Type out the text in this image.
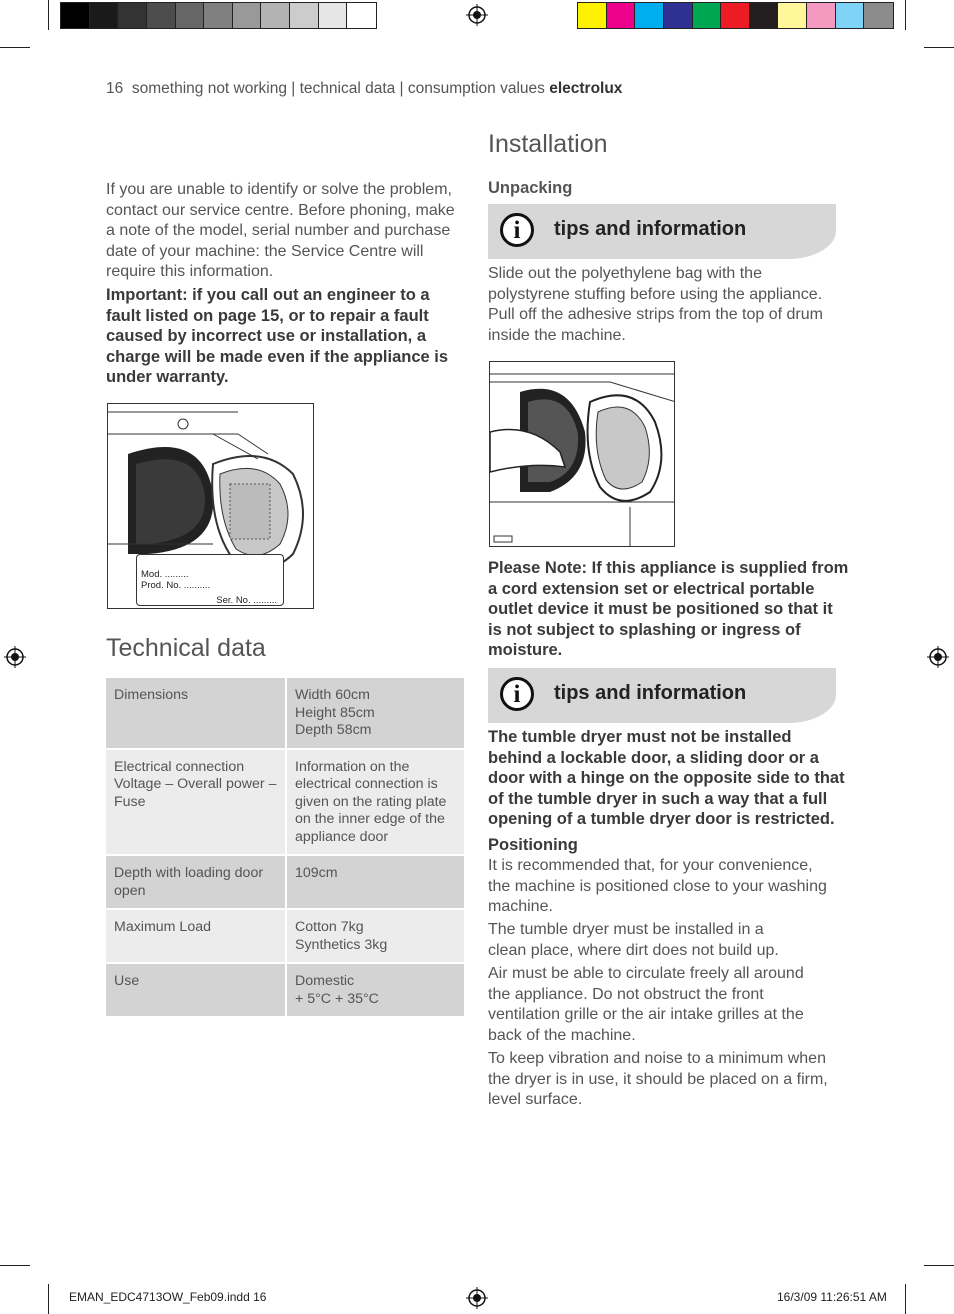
16 something not working | technical data | consumption values electrolux

If you are unable to identify or solve the problem, contact our service centre. Before phoning, make a note of the model, serial number and purchase date of your machine: the Service Centre will require this information.

Important: if you call out an engineer to a fault listed on page 15, or to repair a fault caused by incorrect use or installation, a charge will be made even if the appliance is under warranty.

Mod. .........
Prod. No. ..........
Ser. No. .........
Technical data
Dimensions	Width 60cm
Height 85cm
Depth 58cm

Electrical connection Voltage – Overall power – Fuse	Information on the electrical connection is given on the rating plate on the inner edge of the appliance door
Depth with loading door open	109cm
Maximum Load	Cotton 7kg
Synthetics 3kg

Use	Domestic
+ 5°C + 35°C
Installation
Unpacking
i	tips and information

Slide out the polyethylene bag with the polystyrene stuffing before using the appliance. Pull off the adhesive strips from the top of drum inside the machine.

Please Note: If this appliance is supplied from a cord extension set or electrical portable outlet device it must be positioned so that it is not subject to splashing or ingress of moisture.

i	tips and information

The tumble dryer must not be installed behind a lockable door, a sliding door or a door with a hinge on the opposite side to that of the tumble dryer in such a way that a full opening of a tumble dryer door is restricted.

Positioning

It is recommended that, for your convenience, the machine is positioned close to your washing machine.

The tumble dryer must be installed in a clean place, where dirt does not build up.

Air must be able to circulate freely all around the appliance. Do not obstruct the front ventilation grille or the air intake grilles at the back of the machine.

To keep vibration and noise to a minimum when the dryer is in use, it should be placed on a firm, level surface.

EMAN_EDC4713OW_Feb09.indd 16	16/3/09 11:26:51 AM
